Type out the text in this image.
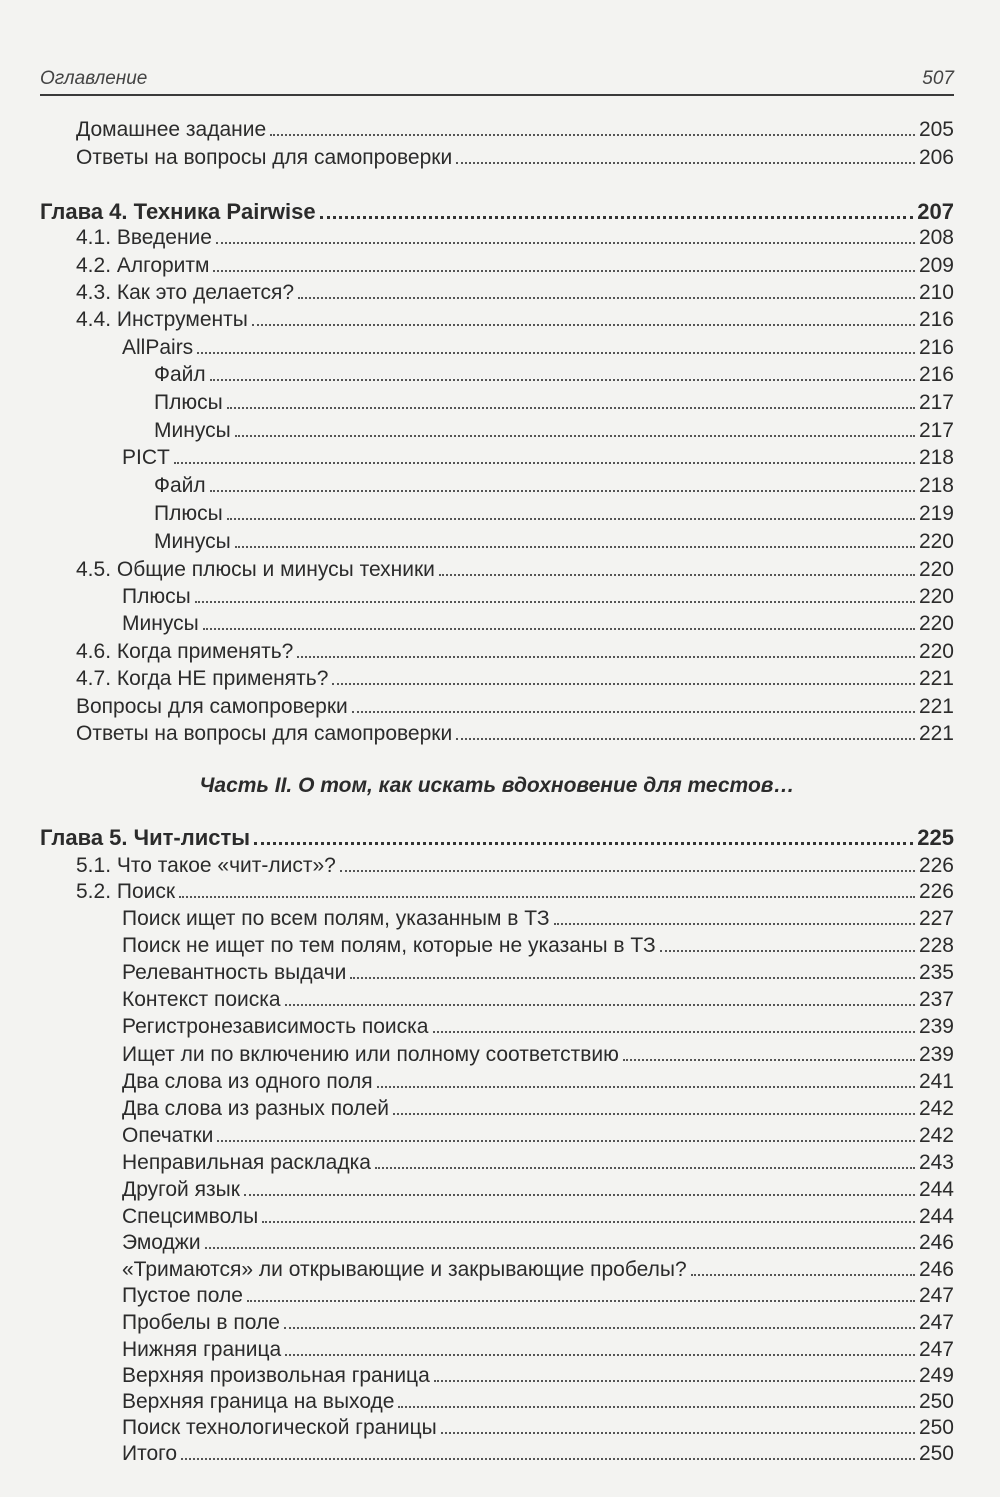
Оглавление	507
Домашнее задание	205
Ответы на вопросы для самопроверки	206
Глава 4. Техника Pairwise	207
4.1. Введение	208
4.2. Алгоритм	209
4.3. Как это делается?	210
4.4. Инструменты	216
AllPairs	216
Файл	216
Плюсы	217
Минусы	217
PICT	218
Файл	218
Плюсы	219
Минусы	220
4.5. Общие плюсы и минусы техники	220
Плюсы	220
Минусы	220
4.6. Когда применять?	220
4.7. Когда НЕ применять?	221
Вопросы для самопроверки	221
Ответы на вопросы для самопроверки	221
Часть II. О том, как искать вдохновение для тестов…
Глава 5. Чит-листы	225
5.1. Что такое «чит-лист»?	226
5.2. Поиск	226
Поиск ищет по всем полям, указанным в ТЗ	227
Поиск не ищет по тем полям, которые не указаны в ТЗ	228
Релевантность выдачи	235
Контекст поиска	237
Регистронезависимость поиска	239
Ищет ли по включению или полному соответствию	239
Два слова из одного поля	241
Два слова из разных полей	242
Опечатки	242
Неправильная раскладка	243
Другой язык	244
Спецсимволы	244
Эмоджи	246
«Тримаются» ли открывающие и закрывающие пробелы?	246
Пустое поле	247
Пробелы в поле	247
Нижняя граница	247
Верхняя произвольная граница	249
Верхняя граница на выходе	250
Поиск технологической границы	250
Итого	250
